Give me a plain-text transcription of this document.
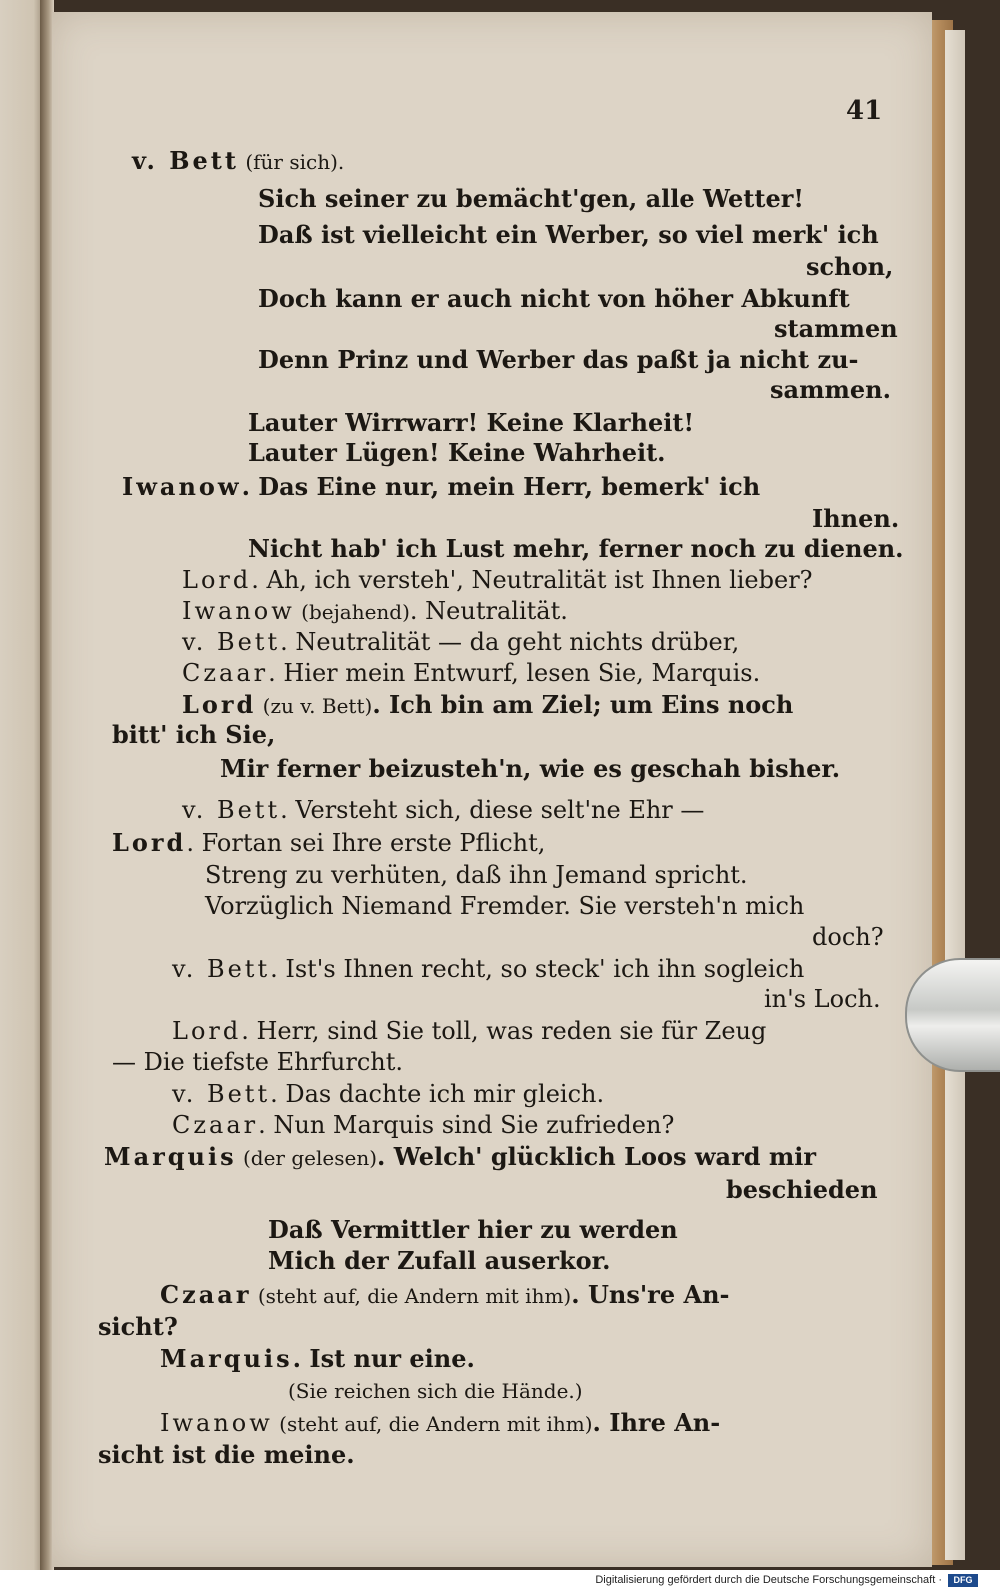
41
v. Bett (für sich).
Sich seiner zu bemächt'gen, alle Wetter!
Daß ist vielleicht ein Werber, so viel merk' ich
schon,
Doch kann er auch nicht von höher Abkunft
stammen
Denn Prinz und Werber das paßt ja nicht zu-
sammen.
Lauter Wirrwarr! Keine Klarheit!
Lauter Lügen! Keine Wahrheit.
Iwanow. Das Eine nur, mein Herr, bemerk' ich
Ihnen.
Nicht hab' ich Lust mehr, ferner noch zu dienen.
Lord. Ah, ich versteh', Neutralität ist Ihnen lieber?
Iwanow (bejahend). Neutralität.
v. Bett. Neutralität — da geht nichts drüber,
Czaar. Hier mein Entwurf, lesen Sie, Marquis.
Lord (zu v. Bett). Ich bin am Ziel; um Eins noch
bitt' ich Sie,
Mir ferner beizusteh'n, wie es geschah bisher.
v. Bett. Versteht sich, diese selt'ne Ehr —
Lord. Fortan sei Ihre erste Pflicht,
Streng zu verhüten, daß ihn Jemand spricht.
Vorzüglich Niemand Fremder. Sie versteh'n mich
doch?
v. Bett. Ist's Ihnen recht, so steck' ich ihn sogleich
in's Loch.
Lord. Herr, sind Sie toll, was reden sie für Zeug
— Die tiefste Ehrfurcht.
v. Bett. Das dachte ich mir gleich.
Czaar. Nun Marquis sind Sie zufrieden?
Marquis (der gelesen). Welch' glücklich Loos ward mir
beschieden
Daß Vermittler hier zu werden
Mich der Zufall auserkor.
Czaar (steht auf, die Andern mit ihm). Uns're An-
sicht?
Marquis. Ist nur eine.
(Sie reichen sich die Hände.)
Iwanow (steht auf, die Andern mit ihm). Ihre An-
sicht ist die meine.
Digitalisierung gefördert durch die Deutsche Forschungsgemeinschaft ·	DFG
